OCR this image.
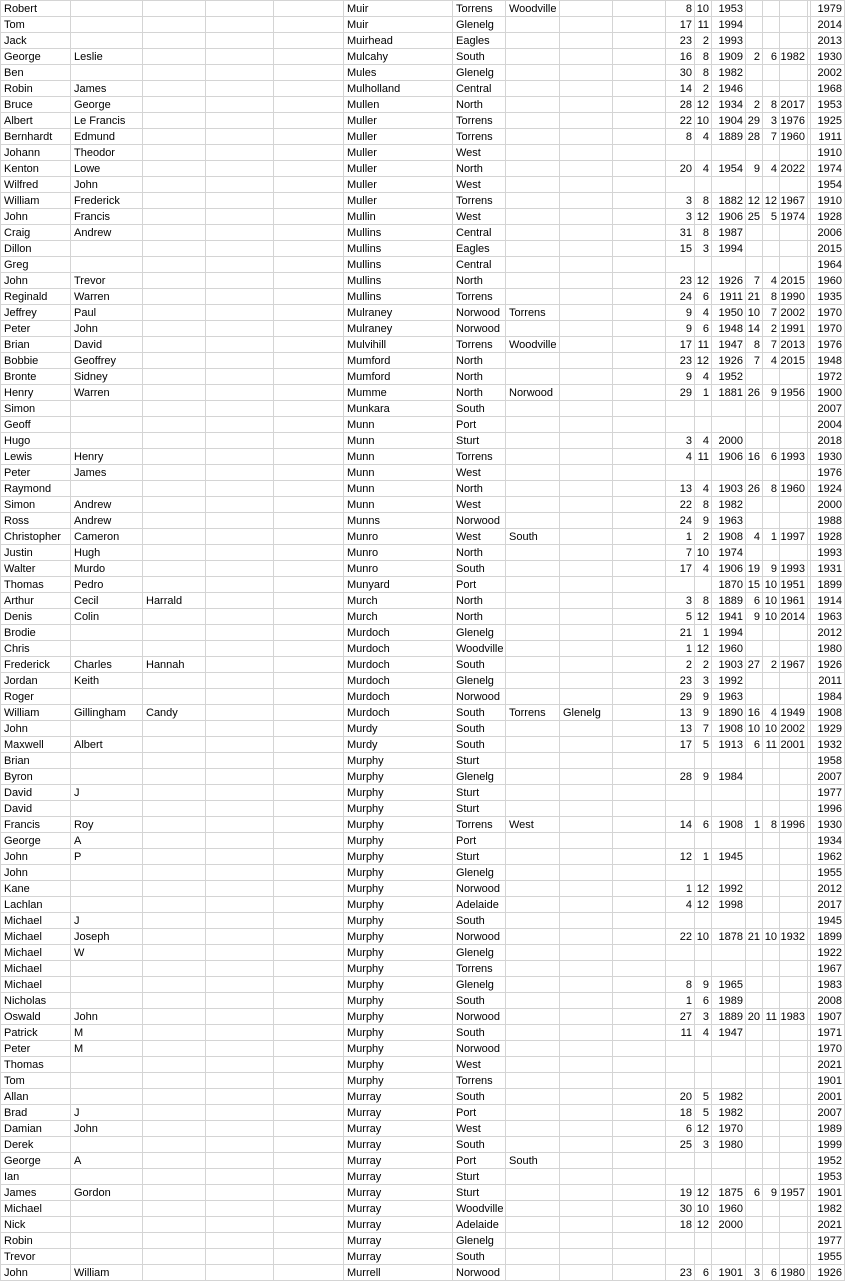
Robert					Muir	Torrens	Woodville			8	10	1953					1979
Tom					Muir	Glenelg				17	11	1994					2014
Jack					Muirhead	Eagles				23	2	1993					2013
George	Leslie				Mulcahy	South				16	8	1909	2	6	1982		1930
Ben					Mules	Glenelg				30	8	1982					2002
Robin	James				Mulholland	Central				14	2	1946					1968
Bruce	George				Mullen	North				28	12	1934	2	8	2017		1953
Albert	Le Francis				Muller	Torrens				22	10	1904	29	3	1976		1925
Bernhardt	Edmund				Muller	Torrens				8	4	1889	28	7	1960		1911
Johann	Theodor				Muller	West											1910
Kenton	Lowe				Muller	North				20	4	1954	9	4	2022		1974
Wilfred	John				Muller	West											1954
William	Frederick				Muller	Torrens				3	8	1882	12	12	1967		1910
John	Francis				Mullin	West				3	12	1906	25	5	1974		1928
Craig	Andrew				Mullins	Central				31	8	1987					2006
Dillon					Mullins	Eagles				15	3	1994					2015
Greg					Mullins	Central											1964
John	Trevor				Mullins	North				23	12	1926	7	4	2015		1960
Reginald	Warren				Mullins	Torrens				24	6	1911	21	8	1990		1935
Jeffrey	Paul				Mulraney	Norwood	Torrens			9	4	1950	10	7	2002		1970
Peter	John				Mulraney	Norwood				9	6	1948	14	2	1991		1970
Brian	David				Mulvihill	Torrens	Woodville			17	11	1947	8	7	2013		1976
Bobbie	Geoffrey				Mumford	North				23	12	1926	7	4	2015		1948
Bronte	Sidney				Mumford	North				9	4	1952					1972
Henry	Warren				Mumme	North	Norwood			29	1	1881	26	9	1956		1900
Simon					Munkara	South											2007
Geoff					Munn	Port											2004
Hugo					Munn	Sturt				3	4	2000					2018
Lewis	Henry				Munn	Torrens				4	11	1906	16	6	1993		1930
Peter	James				Munn	West											1976
Raymond					Munn	North				13	4	1903	26	8	1960		1924
Simon	Andrew				Munn	West				22	8	1982					2000
Ross	Andrew				Munns	Norwood				24	9	1963					1988
Christopher	Cameron				Munro	West	South			1	2	1908	4	1	1997		1928
Justin	Hugh				Munro	North				7	10	1974					1993
Walter	Murdo				Munro	South				17	4	1906	19	9	1993		1931
Thomas	Pedro				Munyard	Port						1870	15	10	1951		1899
Arthur	Cecil	Harrald			Murch	North				3	8	1889	6	10	1961		1914
Denis	Colin				Murch	North				5	12	1941	9	10	2014		1963
Brodie					Murdoch	Glenelg				21	1	1994					2012
Chris					Murdoch	Woodville				1	12	1960					1980
Frederick	Charles	Hannah			Murdoch	South				2	2	1903	27	2	1967		1926
Jordan	Keith				Murdoch	Glenelg				23	3	1992					2011
Roger					Murdoch	Norwood				29	9	1963					1984
William	Gillingham	Candy			Murdoch	South	Torrens	Glenelg		13	9	1890	16	4	1949		1908
John					Murdy	South				13	7	1908	10	10	2002		1929
Maxwell	Albert				Murdy	South				17	5	1913	6	11	2001		1932
Brian					Murphy	Sturt											1958
Byron					Murphy	Glenelg				28	9	1984					2007
David	J				Murphy	Sturt											1977
David					Murphy	Sturt											1996
Francis	Roy				Murphy	Torrens	West			14	6	1908	1	8	1996		1930
George	A				Murphy	Port											1934
John	P				Murphy	Sturt				12	1	1945					1962
John					Murphy	Glenelg											1955
Kane					Murphy	Norwood				1	12	1992					2012
Lachlan					Murphy	Adelaide				4	12	1998					2017
Michael	J				Murphy	South											1945
Michael	Joseph				Murphy	Norwood				22	10	1878	21	10	1932		1899
Michael	W				Murphy	Glenelg											1922
Michael					Murphy	Torrens											1967
Michael					Murphy	Glenelg				8	9	1965					1983
Nicholas					Murphy	South				1	6	1989					2008
Oswald	John				Murphy	Norwood				27	3	1889	20	11	1983		1907
Patrick	M				Murphy	South				11	4	1947					1971
Peter	M				Murphy	Norwood											1970
Thomas					Murphy	West											2021
Tom					Murphy	Torrens											1901
Allan					Murray	South				20	5	1982					2001
Brad	J				Murray	Port				18	5	1982					2007
Damian	John				Murray	West				6	12	1970					1989
Derek					Murray	South				25	3	1980					1999
George	A				Murray	Port	South										1952
Ian					Murray	Sturt											1953
James	Gordon				Murray	Sturt				19	12	1875	6	9	1957		1901
Michael					Murray	Woodville				30	10	1960					1982
Nick					Murray	Adelaide				18	12	2000					2021
Robin					Murray	Glenelg											1977
Trevor					Murray	South											1955
John	William				Murrell	Norwood				23	6	1901	3	6	1980		1926
